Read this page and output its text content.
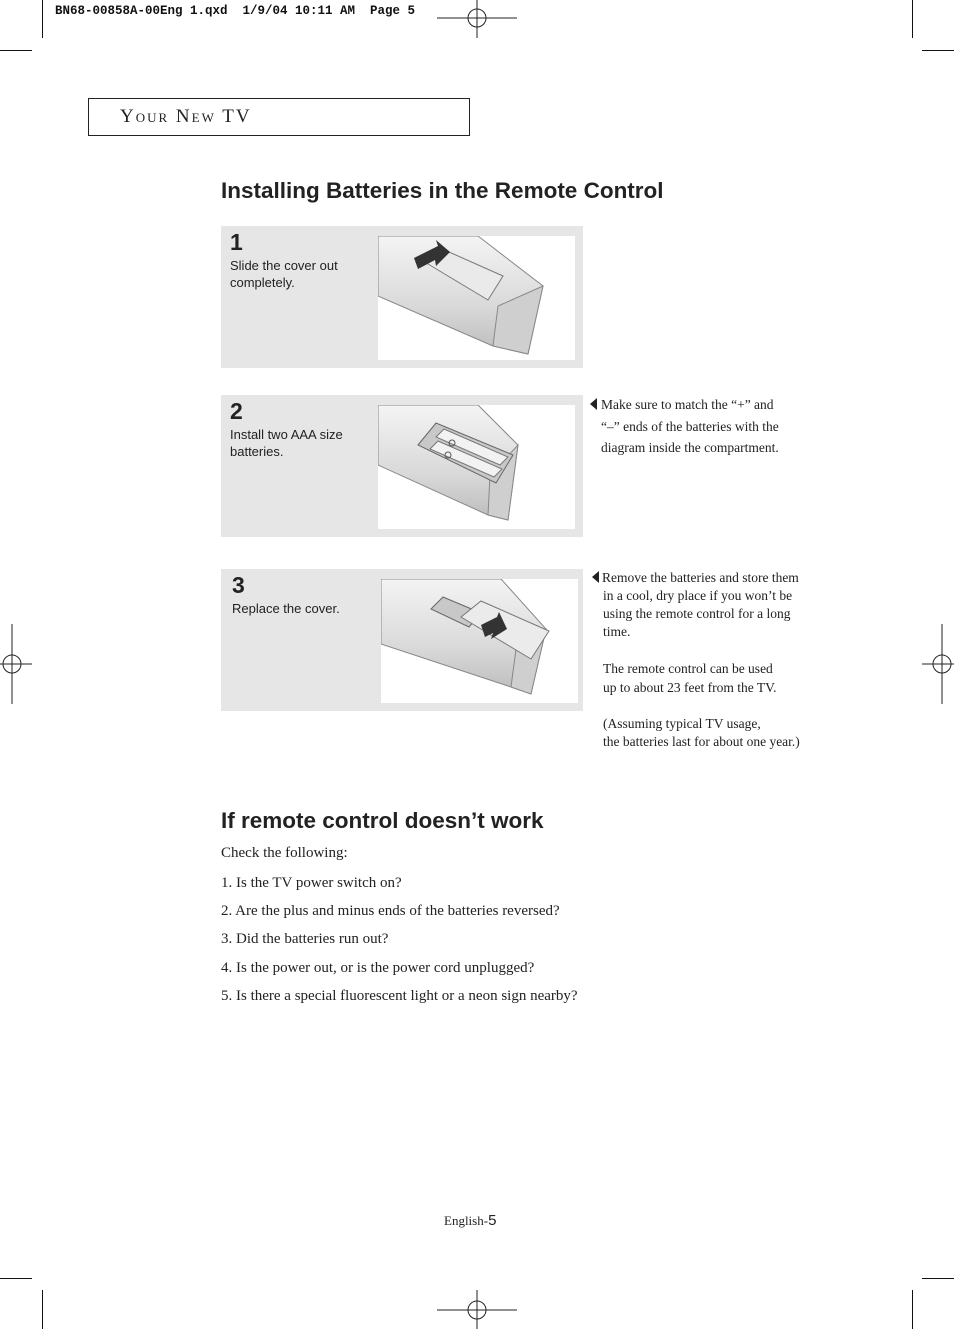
BN68-00858A-00Eng 1.qxd  1/9/04 10:11 AM  Page 5
Your New TV
Installing Batteries in the Remote Control
1
Slide the cover out completely.
2
Install two AAA size batteries.
3
Replace the cover.
Make sure to match the “+” and
“–” ends of the batteries with the
diagram inside the compartment.
Remove the batteries and store them
in a cool, dry place if you won’t be
using the remote control for a long
time.
The remote control can be used
up to about 23 feet from the TV.
(Assuming typical TV usage,
the batteries last for about one year.)
If remote control doesn’t work
Check the following:
1. Is the TV power switch on?
2. Are the plus and minus ends of the batteries reversed?
3. Did the batteries run out?
4. Is the power out, or is the power cord unplugged?
5. Is there a special fluorescent light or a neon sign nearby?
English-5
